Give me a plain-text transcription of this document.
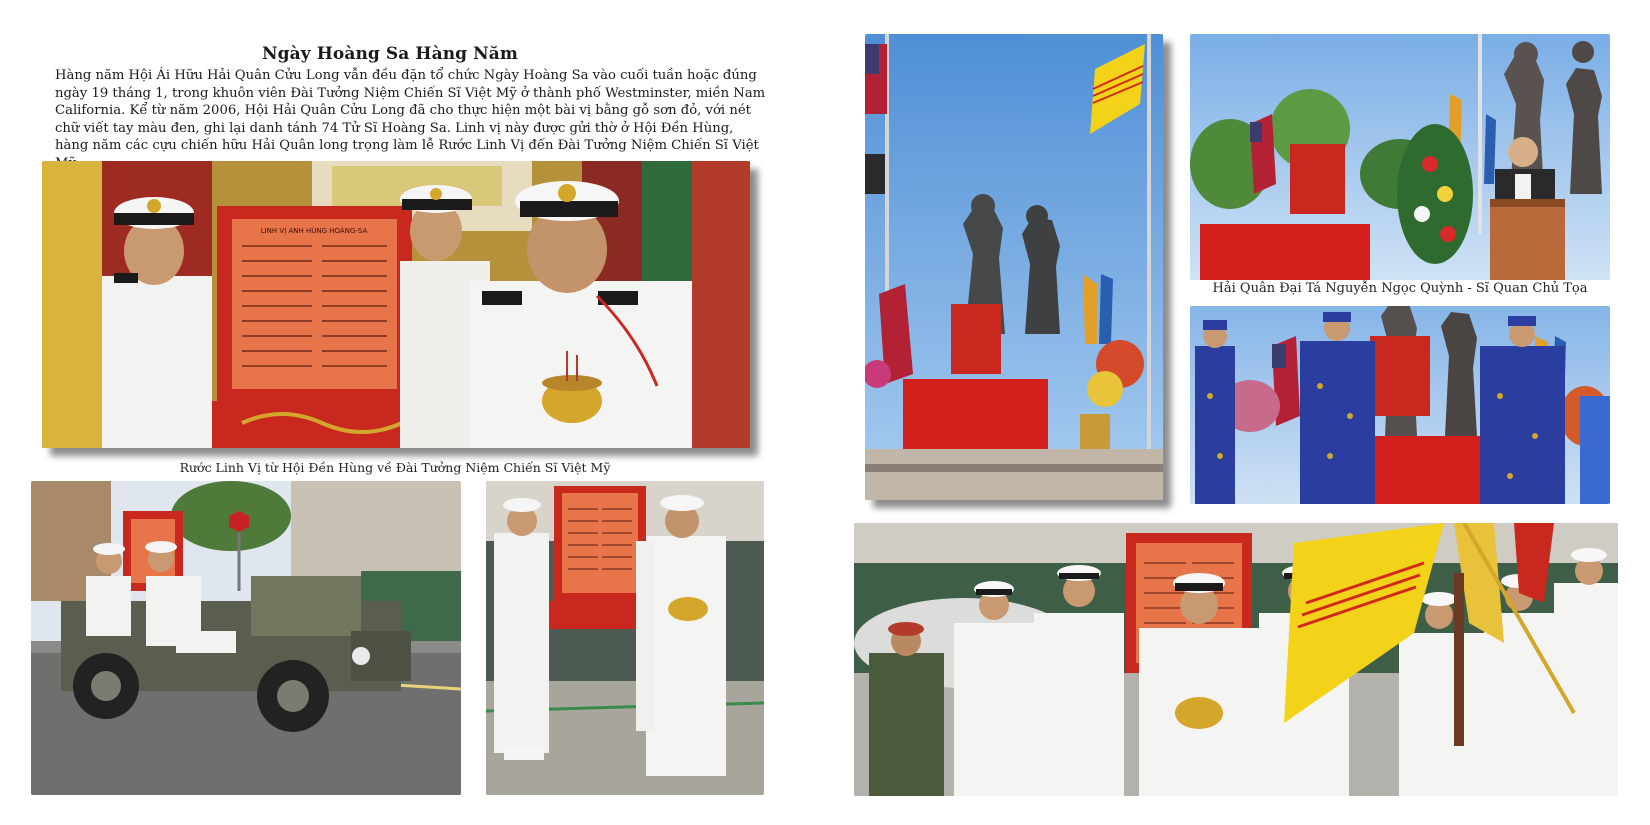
Ngày Hoàng Sa Hàng Năm
Hàng năm Hội Ái Hữu Hải Quân Cửu Long vẫn đều đặn tổ chức Ngày Hoàng Sa vào cuối tuần hoặc đúng ngày 19 tháng 1, trong khuôn viên Đài Tưởng Niệm Chiến Sĩ Việt Mỹ ở thành phố Westminster, miền Nam California. Kể từ năm 2006, Hội Hải Quân Cửu Long đã cho thực hiện một bài vị bằng gỗ sơn đỏ, với nét chữ viết tay màu đen, ghi lại danh tánh 74 Tử Sĩ Hoàng Sa. Linh vị này được gửi thờ ở Hội Đền Hùng, hàng năm các cựu chiến hữu Hải Quân long trọng làm lễ Rước Linh Vị đến Đài Tưởng Niệm Chiến Sĩ Việt
LINH VỊ ANH HÙNG HOÀNG-SA
Rước Linh Vị từ Hội Đền Hùng về Đài Tưởng Niệm Chiến Sĩ Việt Mỹ
Hải Quân Đại Tá Nguyễn Ngọc Quỳnh - Sĩ Quan Chủ Tọa
